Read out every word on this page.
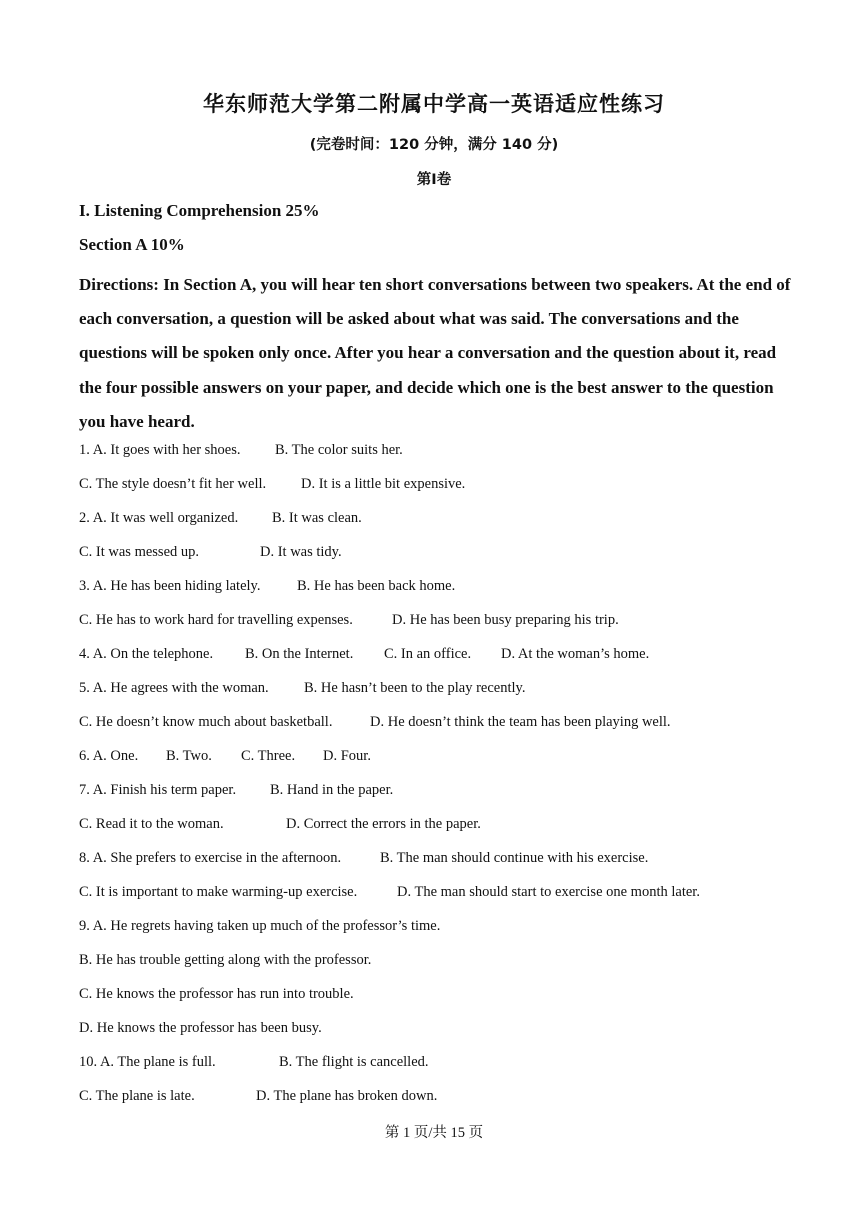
华东师范大学第二附属中学高一英语适应性练习
(完卷时间：120 分钟，满分 140 分)
第Ⅰ卷
I. Listening Comprehension 25%
Section A 10%
Directions: In Section A, you will hear ten short conversations between two speakers. At the end of each conversation, a question will be asked about what was said. The conversations and the questions will be spoken only once. After you hear a conversation and the question about it, read the four possible answers on your paper, and decide which one is the best answer to the question you have heard.
1. A. It goes with her shoes. B. The color suits her.
C. The style doesn’t fit her well. D. It is a little bit expensive.
2. A. It was well organized. B. It was clean.
C. It was messed up.	D. It was tidy.
3. A. He has been hiding lately.	B. He has been back home.
C. He has to work hard for travelling expenses.	D. He has been busy preparing his trip.
4. A. On the telephone. B. On the Internet. C. In an office. D. At the woman’s home.
5. A. He agrees with the woman. B. He hasn’t been to the play recently.
C. He doesn’t know much about basketball.	D. He doesn’t think the team has been playing well.
6. A. One. B. Two. C. Three. D. Four.
7. A. Finish his term paper. B. Hand in the paper.
C. Read it to the woman.	D. Correct the errors in the paper.
8. A. She prefers to exercise in the afternoon.	B. The man should continue with his exercise.
C. It is important to make warming-up exercise.	D. The man should start to exercise one month later.
9. A. He regrets having taken up much of the professor’s time.
B. He has trouble getting along with the professor.
C. He knows the professor has run into trouble.
D. He knows the professor has been busy.
10. A. The plane is full.	B. The flight is cancelled.
C. The plane is late.	D. The plane has broken down.
第 1 页/共 15 页
